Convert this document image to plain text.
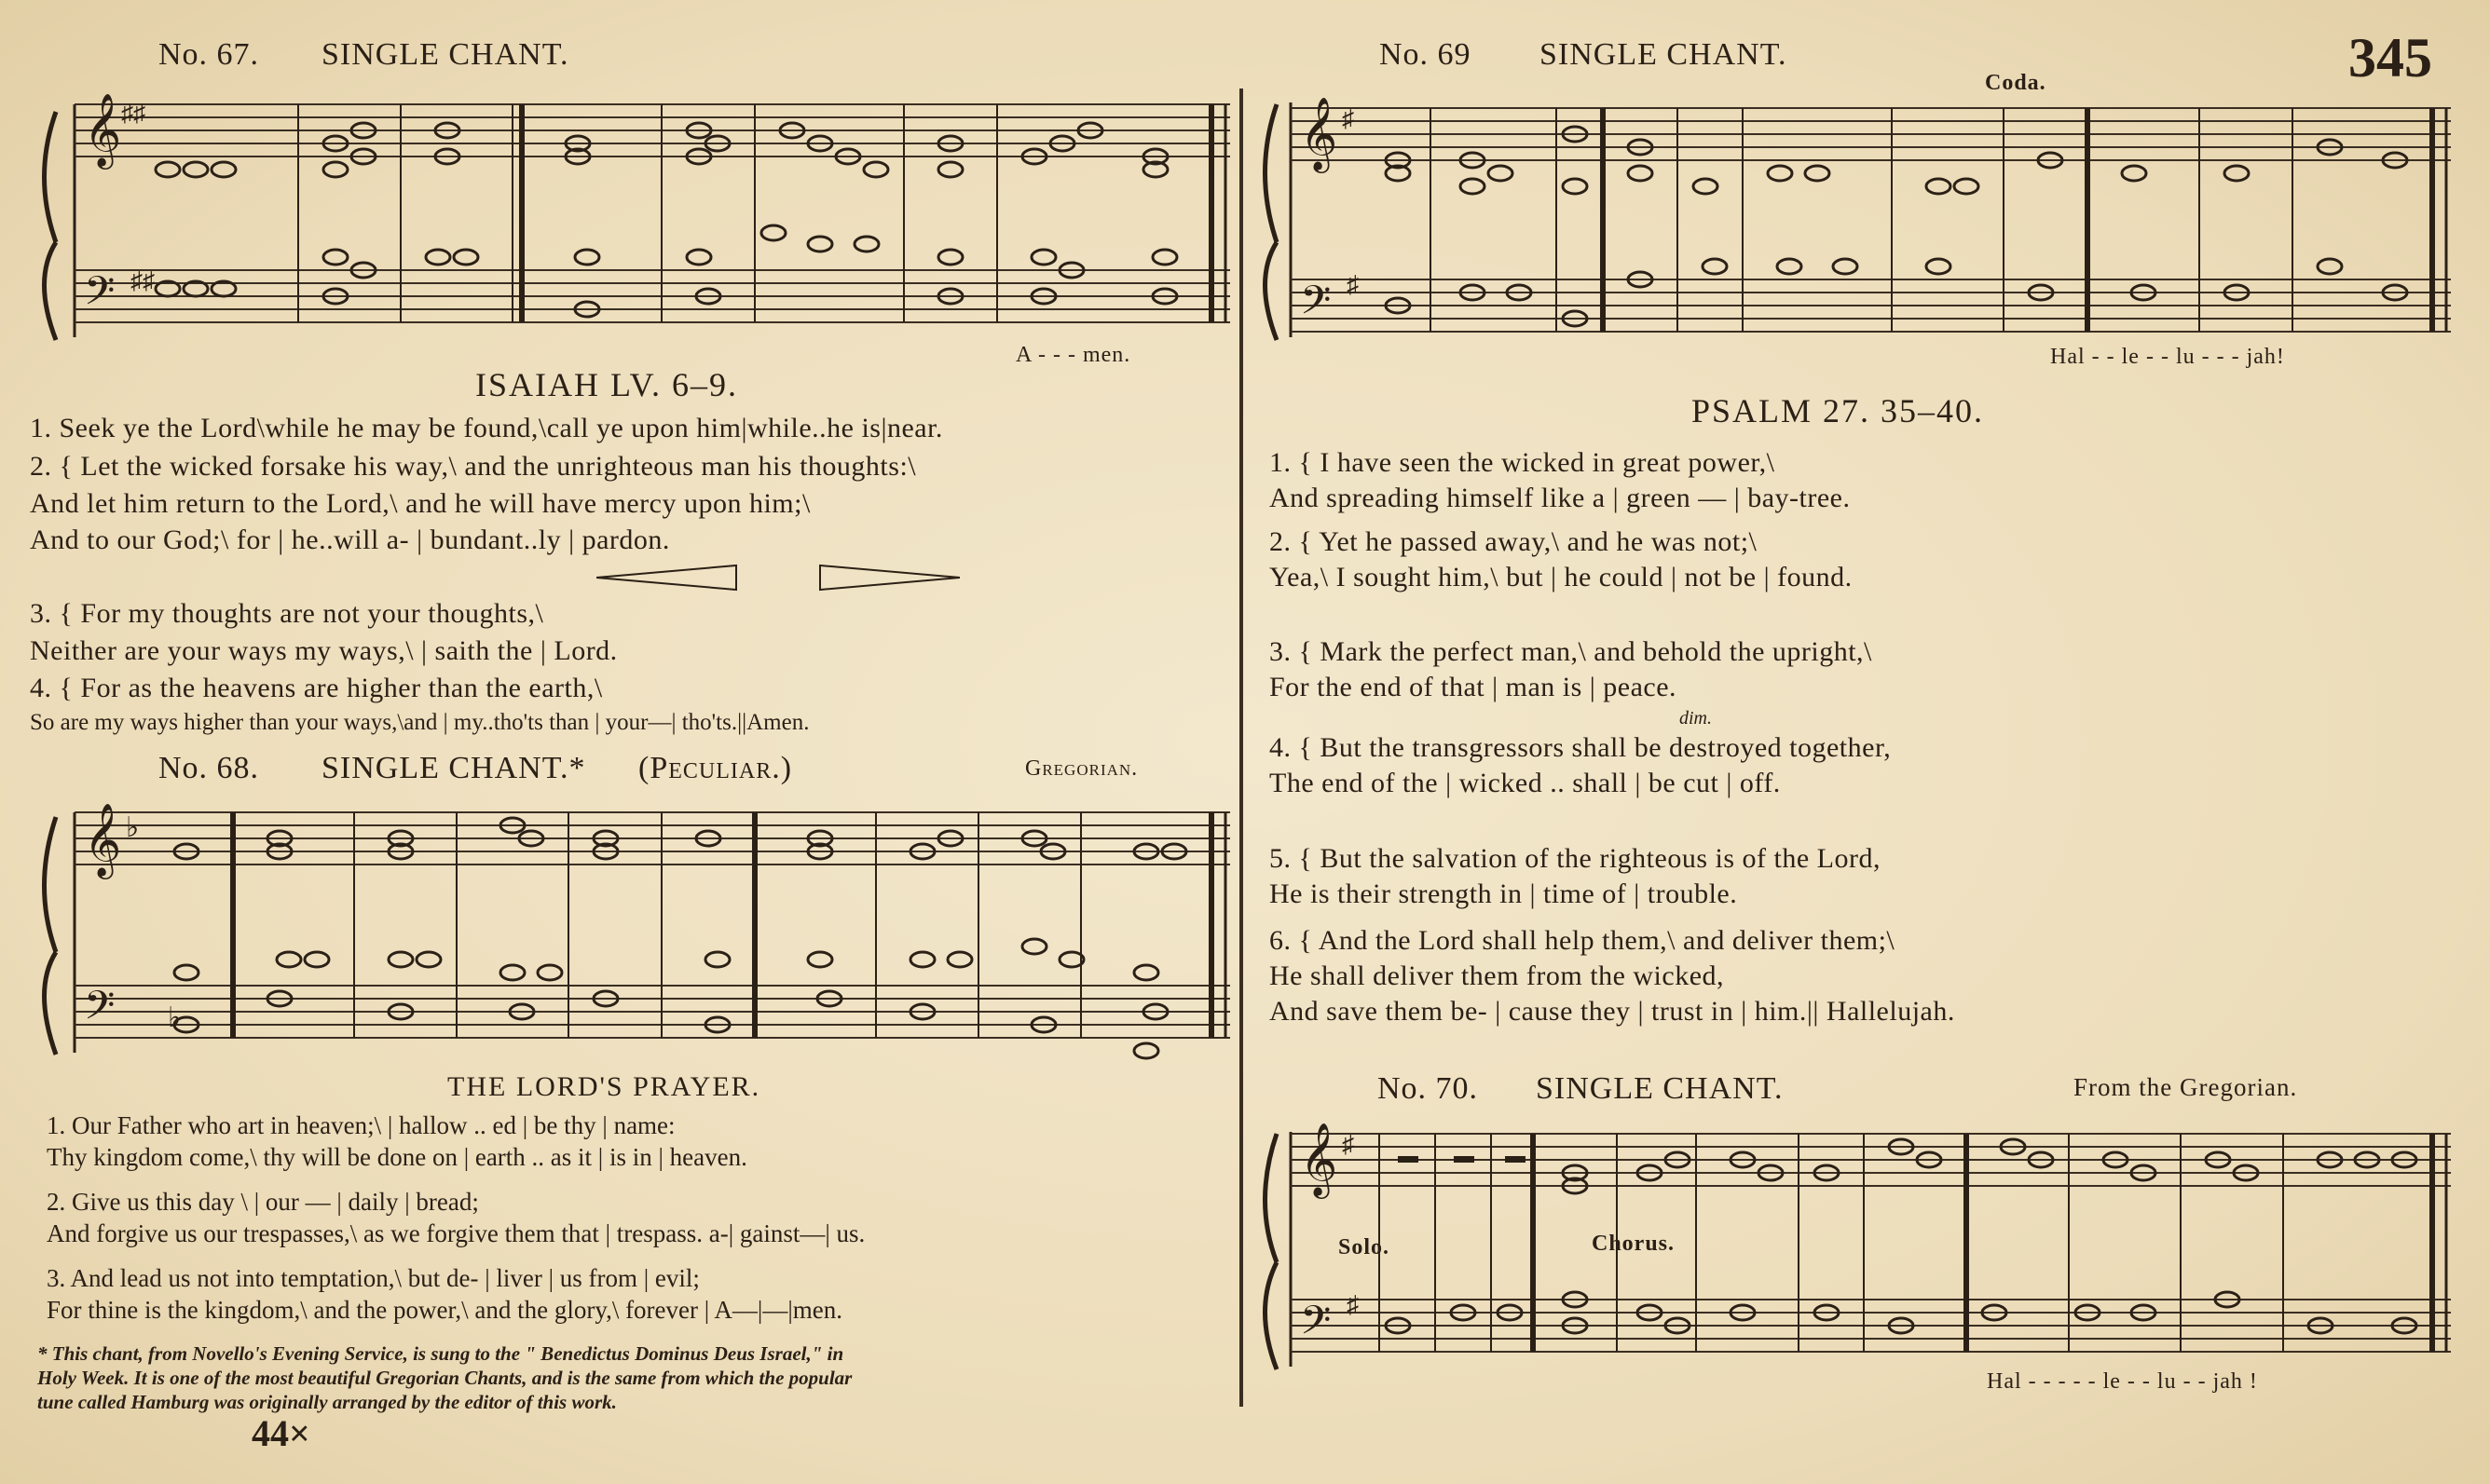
345
No. 67. SINGLE CHANT.
𝄞
𝄢
♯♯
♯♯
A - - - men.
ISAIAH LV. 6–9.
1. Seek ye the Lord\while he may be found,\call ye upon him|while..he is|near.
2. { Let the wicked forsake his way,\ and the unrighteous man his thoughts:\
And let him return to the Lord,\ and he will have mercy upon him;\
And to our God;\ for | he..will a- | bundant..ly | pardon.
3. { For my thoughts are not your thoughts,\
Neither are your ways my ways,\ | saith the | Lord.
4. { For as the heavens are higher than the earth,\
So are my ways higher than your ways,\and | my..tho'ts than | your—| tho'ts.||Amen.
No. 68. SINGLE CHANT.* (Peculiar.)	Gregorian.
𝄞
𝄢
♭
♭
THE LORD'S PRAYER.
1. Our Father who art in heaven;\ | hallow .. ed | be thy | name:
Thy kingdom come,\ thy will be done on | earth .. as it | is in | heaven.
2. Give us this day \ | our — | daily | bread;
And forgive us our trespasses,\ as we forgive them that | trespass. a-| gainst—| us.
3. And lead us not into temptation,\ but de- | liver | us from | evil;
For thine is the kingdom,\ and the power,\ and the glory,\ forever | A—|—|men.
* This chant, from Novello's Evening Service, is sung to the " Benedictus Dominus Deus Israel," in
Holy Week. It is one of the most beautiful Gregorian Chants, and is the same from which the popular
tune called Hamburg was originally arranged by the editor of this work.
44×
No. 69 SINGLE CHANT.
Coda.
𝄞
𝄢
♯
♯
Hal - - le - - lu - - - jah!
PSALM 27. 35–40.
1. { I have seen the wicked in great power,\
And spreading himself like a | green — | bay-tree.
2. { Yet he passed away,\ and he was not;\
Yea,\ I sought him,\ but | he could | not be | found.
3. { Mark the perfect man,\ and behold the upright,\
For the end of that | man is | peace.
dim.
4. { But the transgressors shall be destroyed together,
The end of the | wicked .. shall | be cut | off.
5. { But the salvation of the righteous is of the Lord,
He is their strength in | time of | trouble.
6. { And the Lord shall help them,\ and deliver them;\
He shall deliver them from the wicked,
And save them be- | cause they | trust in | him.|| Hallelujah.
No. 70. SINGLE CHANT.	From the Gregorian.
𝄞
𝄢
♯
♯
Solo.	Chorus.
Hal - - - - - le - - lu - - jah !
